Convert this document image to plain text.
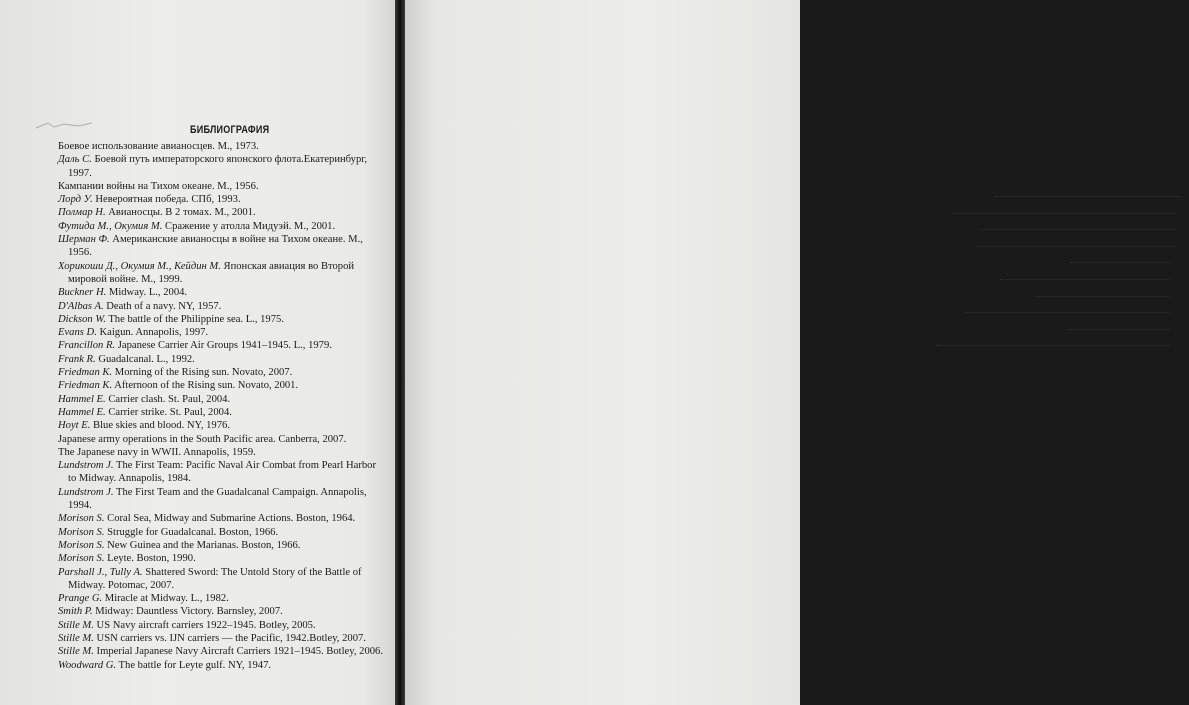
БИБЛИОГРАФИЯ
Боевое использование авианосцев. М., 1973.
Даль С. Боевой путь императорского японского флота.Екатеринбург, 1997.
Кампании войны на Тихом океане. М., 1956.
Лорд У. Невероятная победа. СПб, 1993.
Полмар Н. Авианосцы. В 2 томах. М., 2001.
Футида М., Окумия М. Сражение у атолла Мидуэй. М., 2001.
Шерман Ф. Американские авианосцы в войне на Тихом океане. М., 1956.
Хорикоши Д., Окумия М., Кейдин М. Японская авиация во Второй мировой войне. М., 1999.
Buckner H. Midway. L., 2004.
D'Albas A. Death of a navy. NY, 1957.
Dickson W. The battle of the Philippine sea. L., 1975.
Evans D. Kaigun. Annapolis, 1997.
Francillon R. Japanese Carrier Air Groups 1941–1945. L., 1979.
Frank R. Guadalcanal. L., 1992.
Friedman K. Morning of the Rising sun. Novato, 2007.
Friedman K. Afternoon of the Rising sun. Novato, 2001.
Hammel E. Carrier clash. St. Paul, 2004.
Hammel E. Carrier strike. St. Paul, 2004.
Hoyt E. Blue skies and blood. NY, 1976.
Japanese army operations in the South Pacific area. Canberra, 2007.
The Japanese navy in WWII. Annapolis, 1959.
Lundstrom J. The First Team: Pacific Naval Air Combat from Pearl Harbor to Midway. Annapolis, 1984.
Lundstrom J. The First Team and the Guadalcanal Campaign. Annapolis, 1994.
Morison S. Coral Sea, Midway and Submarine Actions. Boston, 1964.
Morison S. Struggle for Guadalcanal. Boston, 1966.
Morison S. New Guinea and the Marianas. Boston, 1966.
Morison S. Leyte. Boston, 1990.
Parshall J., Tully A. Shattered Sword: The Untold Story of the Battle of Midway. Potomac, 2007.
Prange G. Miracle at Midway. L., 1982.
Smith P. Midway: Dauntless Victory. Barnsley, 2007.
Stille M. US Navy aircraft carriers 1922–1945. Botley, 2005.
Stille M. USN carriers vs. IJN carriers — the Pacific, 1942.Botley, 2007.
Stille M. Imperial Japanese Navy Aircraft Carriers 1921–1945. Botley, 2006.
Woodward G. The battle for Leyte gulf. NY, 1947.
СОДЕРЖАНИЕ
Бастард, ставший королем	5
Индийский океан	27
Бой в Коралловом море	43
Сражение при Мидуэе	83
Бой у Восточных Соломоновых островов	149
Бой у островов Санта-Крус	185
Сражение у Марианских островов	228
Бой у мыса Энганьо	292
Виртуальная нереальность номер восемь	326
Библиография	350
